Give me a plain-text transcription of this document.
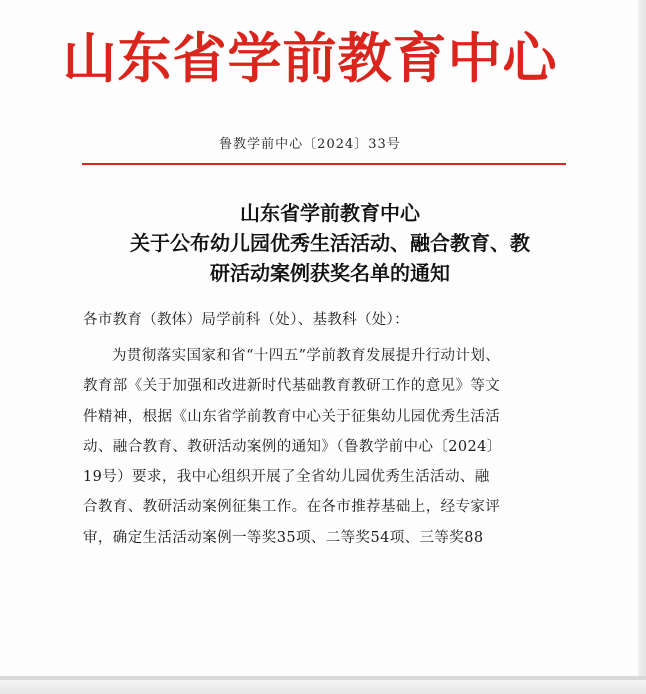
山东省学前教育中心
鲁教学前中心〔2024〕33号
山东省学前教育中心
关于公布幼儿园优秀生活活动、融合教育、教
研活动案例获奖名单的通知
各市教育（教体）局学前科（处）、基教科（处）：
为贯彻落实国家和省“十四五”学前教育发展提升行动计划、
教育部《关于加强和改进新时代基础教育教研工作的意见》等文
件精神，根据《山东省学前教育中心关于征集幼儿园优秀生活活
动、融合教育、教研活动案例的通知》（鲁教学前中心〔2024〕
19号）要求，我中心组织开展了全省幼儿园优秀生活活动、融
合教育、教研活动案例征集工作。在各市推荐基础上，经专家评
审，确定生活活动案例一等奖35项、二等奖54项、三等奖88
